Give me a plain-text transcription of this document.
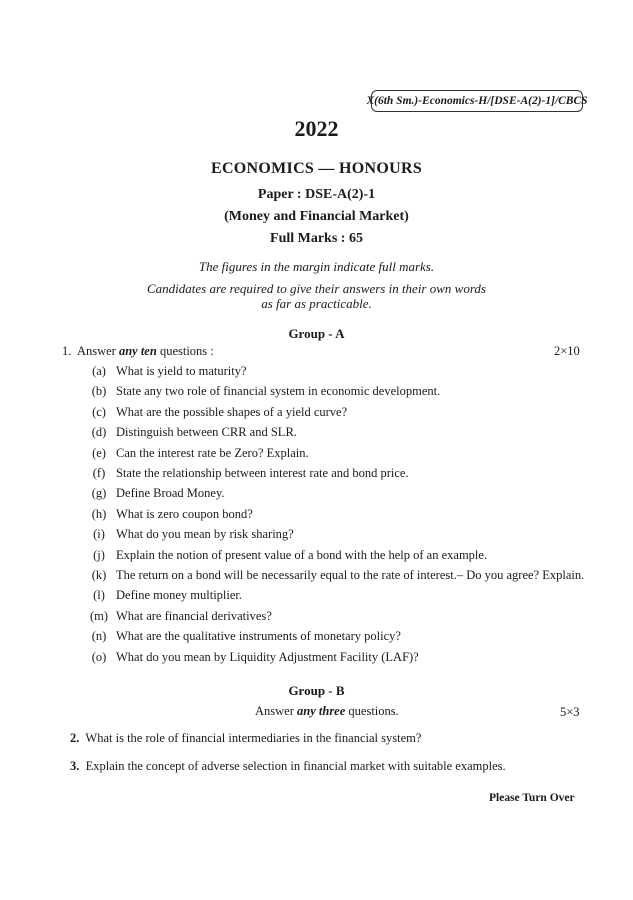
X(6th Sm.)-Economics-H/[DSE-A(2)-1]/CBCS
2022
ECONOMICS — HONOURS
Paper : DSE-A(2)-1
(Money and Financial Market)
Full Marks : 65
The figures in the margin indicate full marks.
Candidates are required to give their answers in their own words
as far as practicable.
Group - A
1. Answer any ten questions :	2×10
(a) What is yield to maturity?
(b) State any two role of financial system in economic development.
(c) What are the possible shapes of a yield curve?
(d) Distinguish between CRR and SLR.
(e) Can the interest rate be Zero? Explain.
(f) State the relationship between interest rate and bond price.
(g) Define Broad Money.
(h) What is zero coupon bond?
(i) What do you mean by risk sharing?
(j) Explain the notion of present value of a bond with the help of an example.
(k) The return on a bond will be necessarily equal to the rate of interest.– Do you agree? Explain.
(l) Define money multiplier.
(m) What are financial derivatives?
(n) What are the qualitative instruments of monetary policy?
(o) What do you mean by Liquidity Adjustment Facility (LAF)?
Group - B
Answer any three questions.	5×3
2. What is the role of financial intermediaries in the financial system?
3. Explain the concept of adverse selection in financial market with suitable examples.
Please Turn Over
